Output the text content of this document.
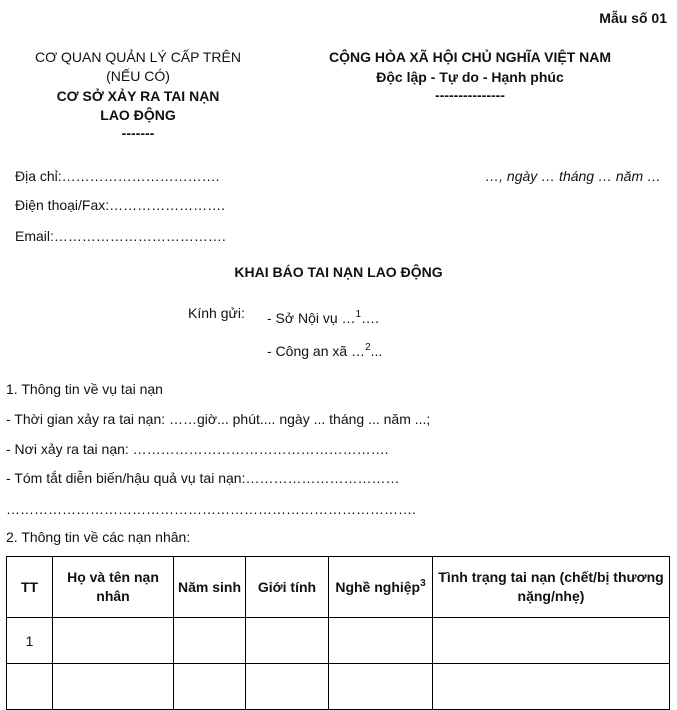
Mẫu số 01
CƠ QUAN QUẢN LÝ CẤP TRÊN
(NẾU CÓ)
CƠ SỞ XẢY RA TAI NẠN
LAO ĐỘNG
-------
CỘNG HÒA XÃ HỘI CHỦ NGHĨA VIỆT NAM
Độc lập - Tự do - Hạnh phúc
---------------
Địa chỉ:…………………………….	…, ngày … tháng … năm …
Điện thoại/Fax:…………………….
Email:……………………………….
KHAI BÁO TAI NẠN LAO ĐỘNG
Kính gửi: - Sở Nội vụ …$^1$….
- Công an xã …$^2$...
1. Thông tin về vụ tai nạn
- Thời gian xảy ra tai nạn: ……giờ... phút.... ngày ... tháng ... năm ...;
- Nơi xảy ra tai nạn: ……………………………………………….
- Tóm tắt diễn biến/hậu quả vụ tai nạn:……………………………
…………………………………………………………………………….
2. Thông tin về các nạn nhân:
TT	Họ và tên nạn nhân	Năm sinh	Giới tính	Nghề nghiệp$^3$	Tình trạng tai nạn (chết/bị thương nặng/nhẹ)
1					
